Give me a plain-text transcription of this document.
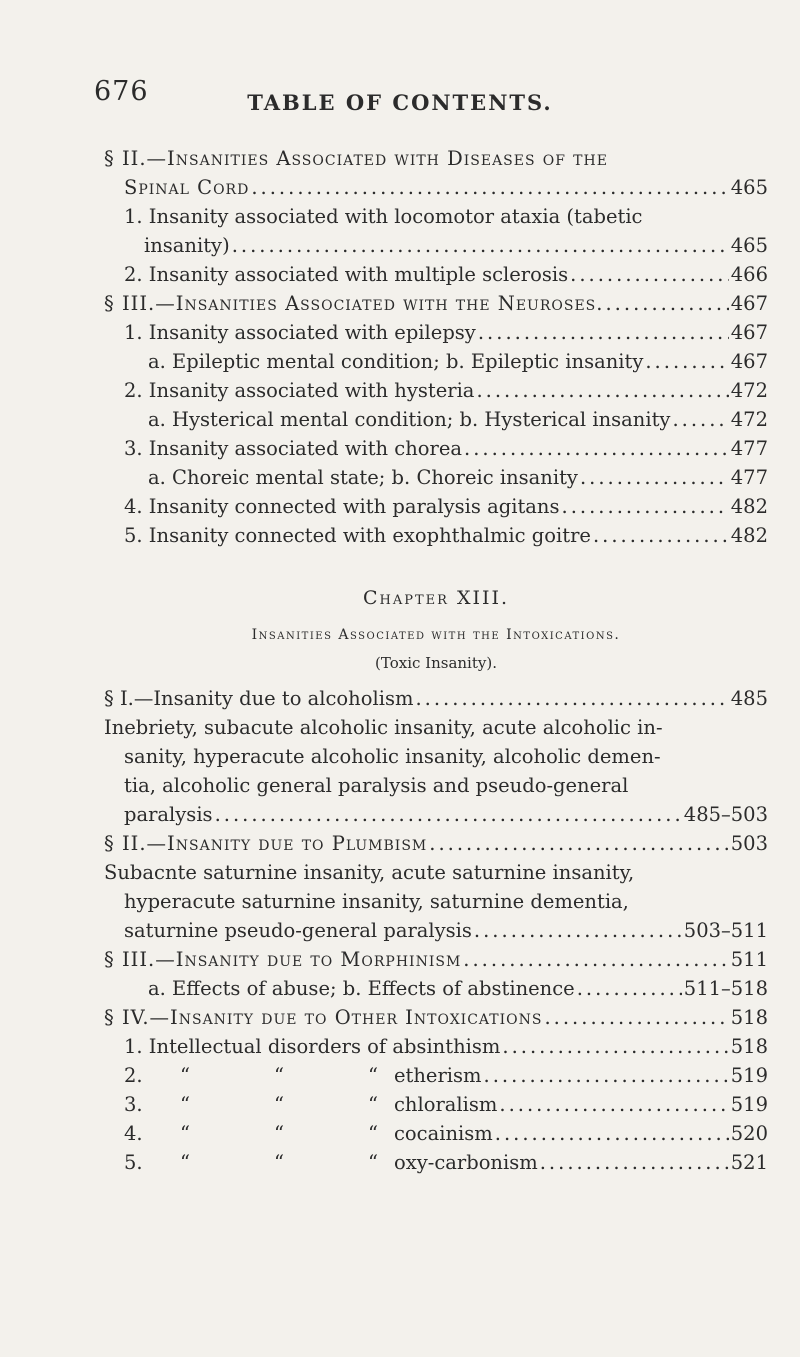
676	TABLE OF CONTENTS.
§ II.—Insanities Associated with Diseases of the
Spinal Cord .....	465
1. Insanity associated with locomotor ataxia (tabetic
insanity) .....	465
2. Insanity associated with multiple sclerosis .....	466
§ III.—Insanities Associated with the Neuroses. .....	467
1. Insanity associated with epilepsy .....	467
a. Epileptic mental condition; b. Epileptic insanity .....	467
2. Insanity associated with hysteria .....	472
a. Hysterical mental condition; b. Hysterical insanity .....	472
3. Insanity associated with chorea .....	477
a. Choreic mental state; b. Choreic insanity .....	477
4. Insanity connected with paralysis agitans .....	482
5. Insanity connected with exophthalmic goitre .....	482
Chapter XIII.
Insanities Associated with the Intoxications.
(Toxic Insanity).
§ I.—Insanity due to alcoholism .....	485
Inebriety, subacute alcoholic insanity, acute alcoholic in-
sanity, hyperacute alcoholic insanity, alcoholic demen-
tia, alcoholic general paralysis and pseudo-general
paralysis .....	485–503
§ II.—Insanity due to Plumbism .....	503
Subacnte saturnine insanity, acute saturnine insanity,
hyperacute saturnine insanity, saturnine dementia,
saturnine pseudo-general paralysis .....	503–511
§ III.—Insanity due to Morphinism .....	511
a. Effects of abuse; b. Effects of abstinence .....	511–518
§ IV.—Insanity due to Other Intoxications .....	518
1. Intellectual disorders of absinthism .....	518
2. “	“	“ etherism .....	519
3. “	“	“ chloralism .....	519
4. “	“	“ cocainism .....	520
5. “	“	“ oxy-carbonism .....	521
